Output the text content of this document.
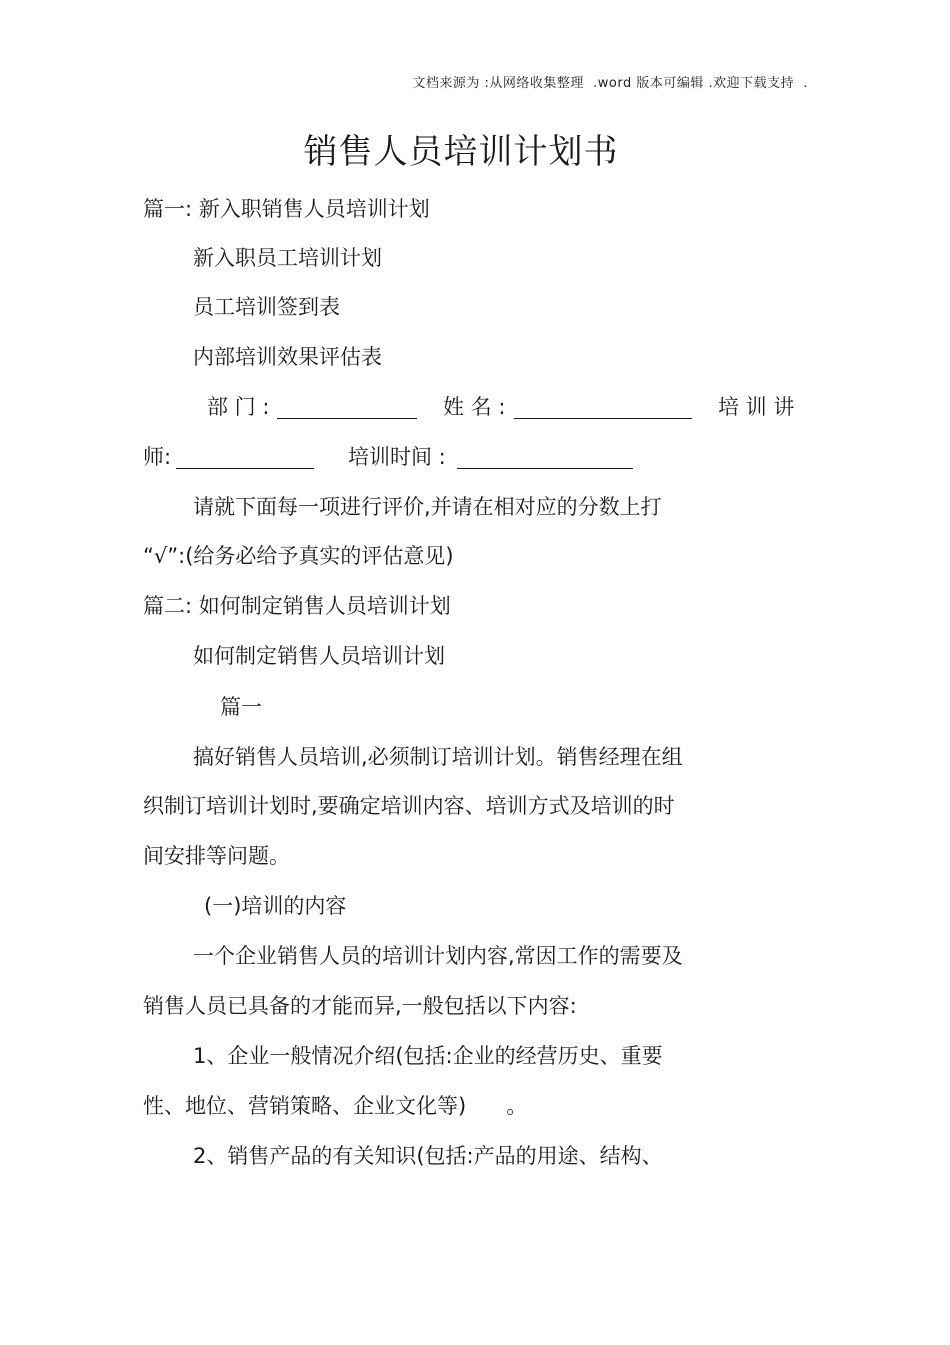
文档来源为 :从网络收集整理  .word 版本可编辑 .欢迎下载支持  .
销售人员培训计划书
篇一: 新入职销售人员培训计划
新入职员工培训计划
员工培训签到表
内部培训效果评估表
部 门 :	姓 名 :	培 训 讲
师:	培训时间 :
请就下面每一项进行评价,并请在相对应的分数上打
“√”:(给务必给予真实的评估意见)
篇二: 如何制定销售人员培训计划
如何制定销售人员培训计划
篇一
搞好销售人员培训,必须制订培训计划。销售经理在组
织制订培训计划时,要确定培训内容、培训方式及培训的时
间安排等问题。
(一)培训的内容
一个企业销售人员的培训计划内容,常因工作的需要及
销售人员已具备的才能而异,一般包括以下内容:
1、企业一般情况介绍(包括:企业的经营历史、重要
性、地位、营销策略、企业文化等)      。
2、销售产品的有关知识(包括:产品的用途、结构、
